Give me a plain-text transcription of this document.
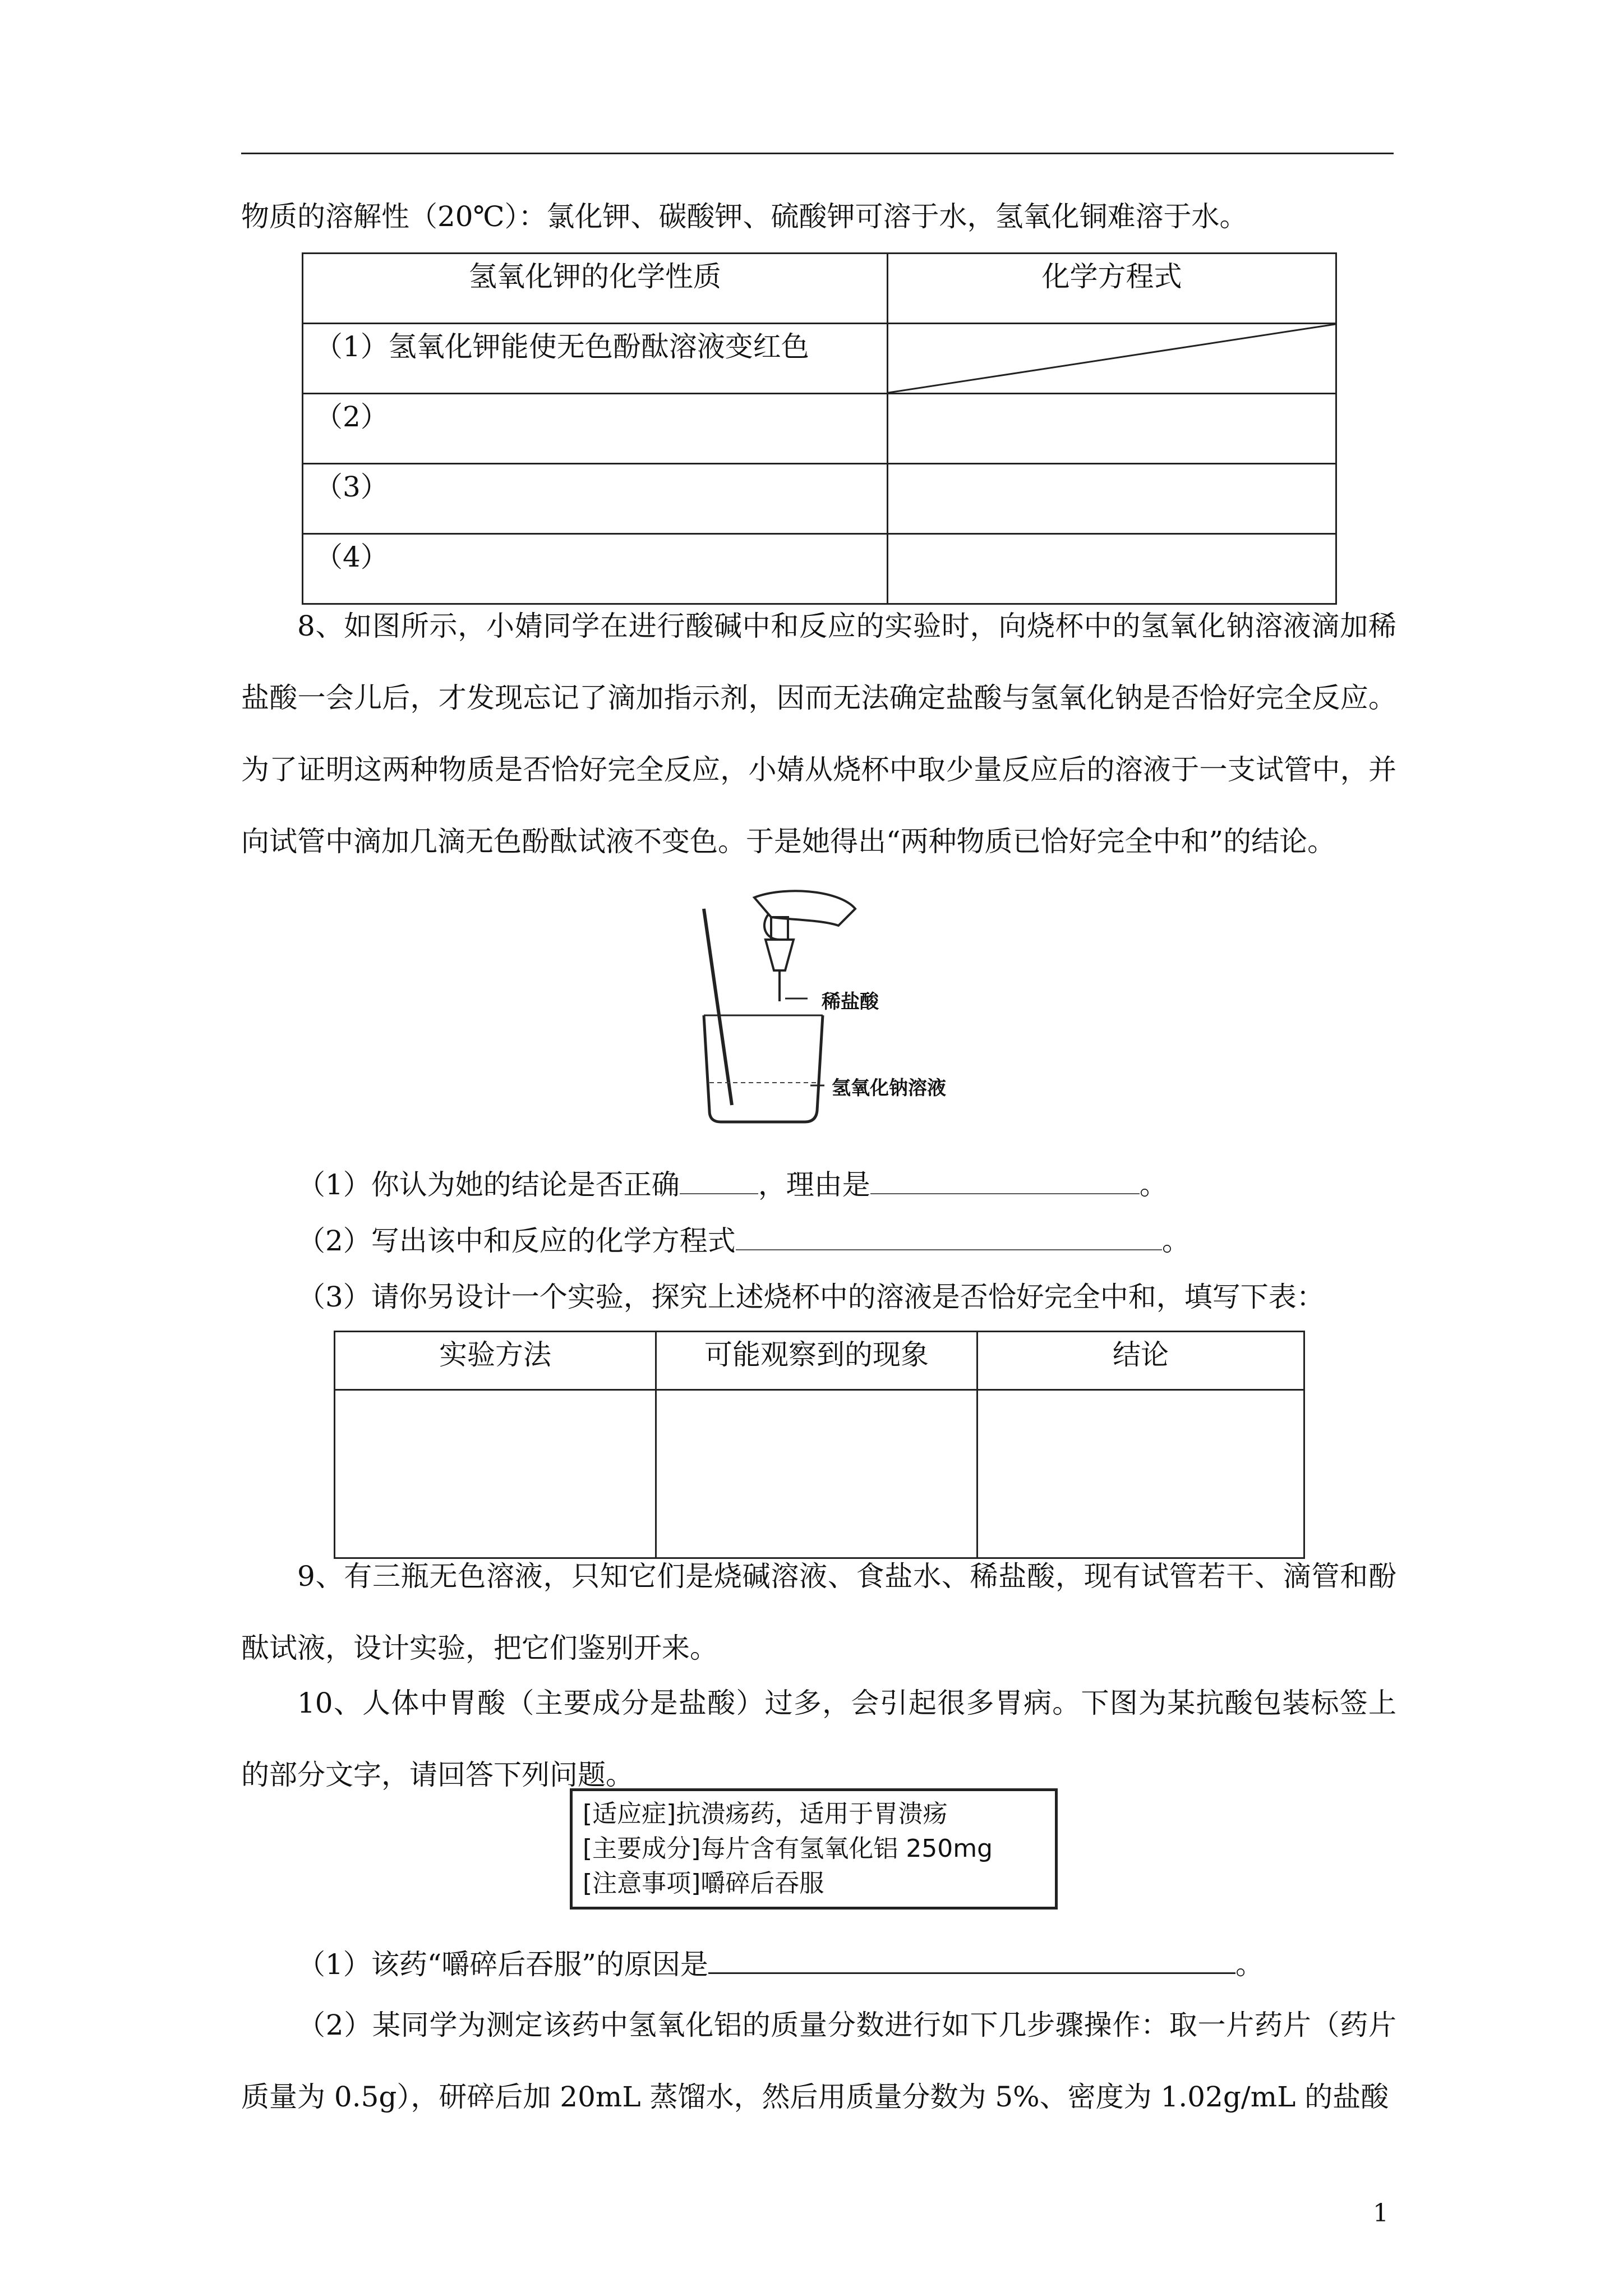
物质的溶解性（20℃）：氯化钾、碳酸钾、硫酸钾可溶于水，氢氧化铜难溶于水。
氢氧化钾的化学性质	化学方程式
（1）氢氧化钾能使无色酚酞溶液变红色	

（2）	
（3）	
（4）	
8、如图所示，小婧同学在进行酸碱中和反应的实验时，向烧杯中的氢氧化钠溶液滴加稀盐酸一会儿后，才发现忘记了滴加指示剂，因而无法确定盐酸与氢氧化钠是否恰好完全反应。为了证明这两种物质是否恰好完全反应，小婧从烧杯中取少量反应后的溶液于一支试管中，并向试管中滴加几滴无色酚酞试液不变色。于是她得出“两种物质已恰好完全中和”的结论。
稀盐酸
氢氧化钠溶液
（1）你认为她的结论是否正确	，理由是	。
（2）写出该中和反应的化学方程式	。
（3）请你另设计一个实验，探究上述烧杯中的溶液是否恰好完全中和，填写下表：
实验方法	可能观察到的现象	结论

9、有三瓶无色溶液，只知它们是烧碱溶液、食盐水、稀盐酸，现有试管若干、滴管和酚酞试液，设计实验，把它们鉴别开来。
10、人体中胃酸（主要成分是盐酸）过多，会引起很多胃病。下图为某抗酸包装标签上的部分文字，请回答下列问题。
[适应症]抗溃疡药，适用于胃溃疡
[主要成分]每片含有氢氧化铝 250mg
[注意事项]嚼碎后吞服
（1）该药“嚼碎后吞服”的原因是	。
（2）某同学为测定该药中氢氧化铝的质量分数进行如下几步骤操作：取一片药片（药片质量为 0.5g），研碎后加 20mL 蒸馏水，然后用质量分数为 5%、密度为 1.02g/mL 的盐酸
1
